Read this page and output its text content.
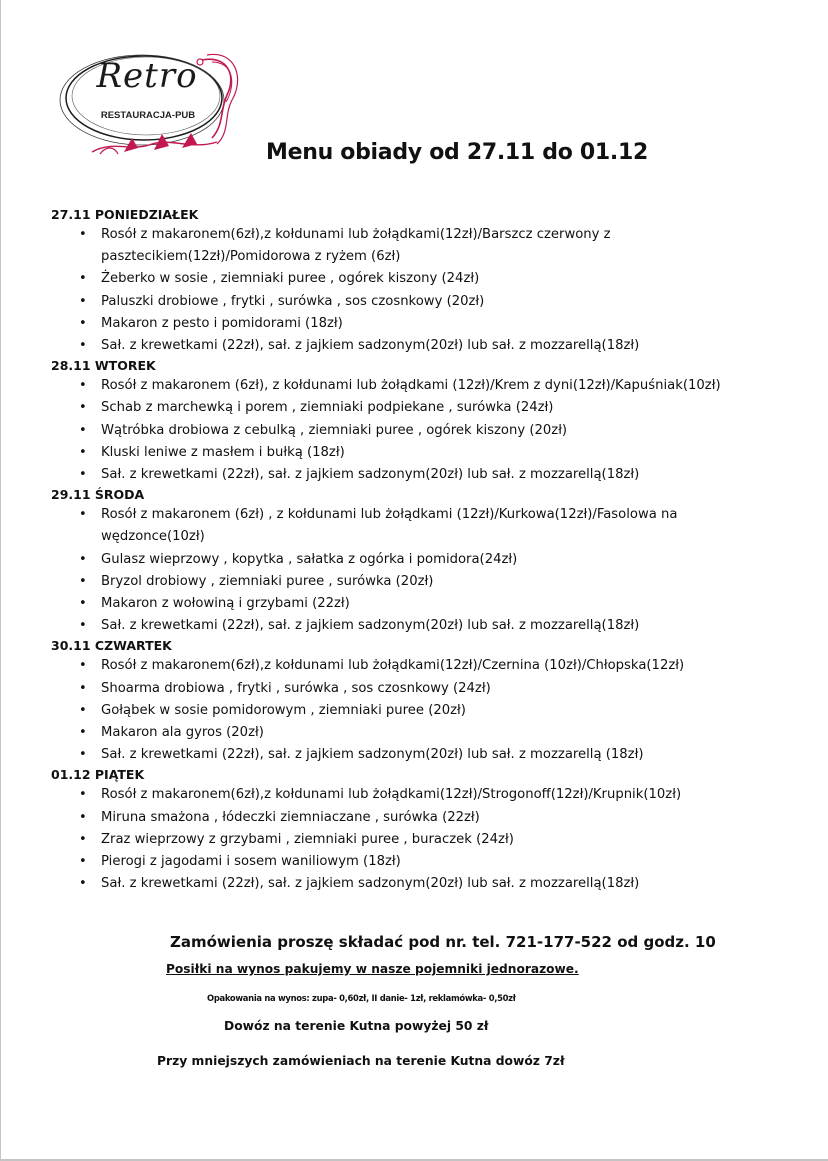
Retro
RESTAURACJA-PUB
Menu obiady od 27.11 do 01.12
27.11 PONIEDZIAŁEK
• Rosół z makaronem(6zł),z kołdunami lub żołądkami(12zł)/Barszcz czerwony z
pasztecikiem(12zł)/Pomidorowa z ryżem (6zł)
• Żeberko w sosie , ziemniaki puree , ogórek kiszony (24zł)
• Paluszki drobiowe , frytki , surówka , sos czosnkowy (20zł)
• Makaron z pesto i pomidorami (18zł)
• Sał. z krewetkami (22zł), sał. z jajkiem sadzonym(20zł) lub sał. z mozzarellą(18zł)
28.11 WTOREK
• Rosół z makaronem (6zł), z kołdunami lub żołądkami (12zł)/Krem z dyni(12zł)/Kapuśniak(10zł)
• Schab z marchewką i porem , ziemniaki podpiekane , surówka (24zł)
• Wątróbka drobiowa z cebulką , ziemniaki puree , ogórek kiszony (20zł)
• Kluski leniwe z masłem i bułką (18zł)
• Sał. z krewetkami (22zł), sał. z jajkiem sadzonym(20zł) lub sał. z mozzarellą(18zł)
29.11 ŚRODA
• Rosół z makaronem (6zł) , z kołdunami lub żołądkami (12zł)/Kurkowa(12zł)/Fasolowa na
wędzonce(10zł)
• Gulasz wieprzowy , kopytka , sałatka z ogórka i pomidora(24zł)
• Bryzol drobiowy , ziemniaki puree , surówka (20zł)
• Makaron z wołowiną i grzybami (22zł)
• Sał. z krewetkami (22zł), sał. z jajkiem sadzonym(20zł) lub sał. z mozzarellą(18zł)
30.11 CZWARTEK
• Rosół z makaronem(6zł),z kołdunami lub żołądkami(12zł)/Czernina (10zł)/Chłopska(12zł)
• Shoarma drobiowa , frytki , surówka , sos czosnkowy (24zł)
• Gołąbek w sosie pomidorowym , ziemniaki puree (20zł)
• Makaron ala gyros (20zł)
• Sał. z krewetkami (22zł), sał. z jajkiem sadzonym(20zł) lub sał. z mozzarellą (18zł)
01.12 PIĄTEK
• Rosół z makaronem(6zł),z kołdunami lub żołądkami(12zł)/Strogonoff(12zł)/Krupnik(10zł)
• Miruna smażona , łódeczki ziemniaczane , surówka (22zł)
• Zraz wieprzowy z grzybami , ziemniaki puree , buraczek (24zł)
• Pierogi z jagodami i sosem waniliowym (18zł)
• Sał. z krewetkami (22zł), sał. z jajkiem sadzonym(20zł) lub sał. z mozzarellą(18zł)
Zamówienia proszę składać pod nr. tel. 721-177-522 od godz. 10
Posiłki na wynos pakujemy w nasze pojemniki jednorazowe.
Opakowania na wynos: zupa- 0,60zł, II danie- 1zł, reklamówka- 0,50zł
Dowóz na terenie Kutna powyżej 50 zł
Przy mniejszych zamówieniach na terenie Kutna dowóz 7zł
